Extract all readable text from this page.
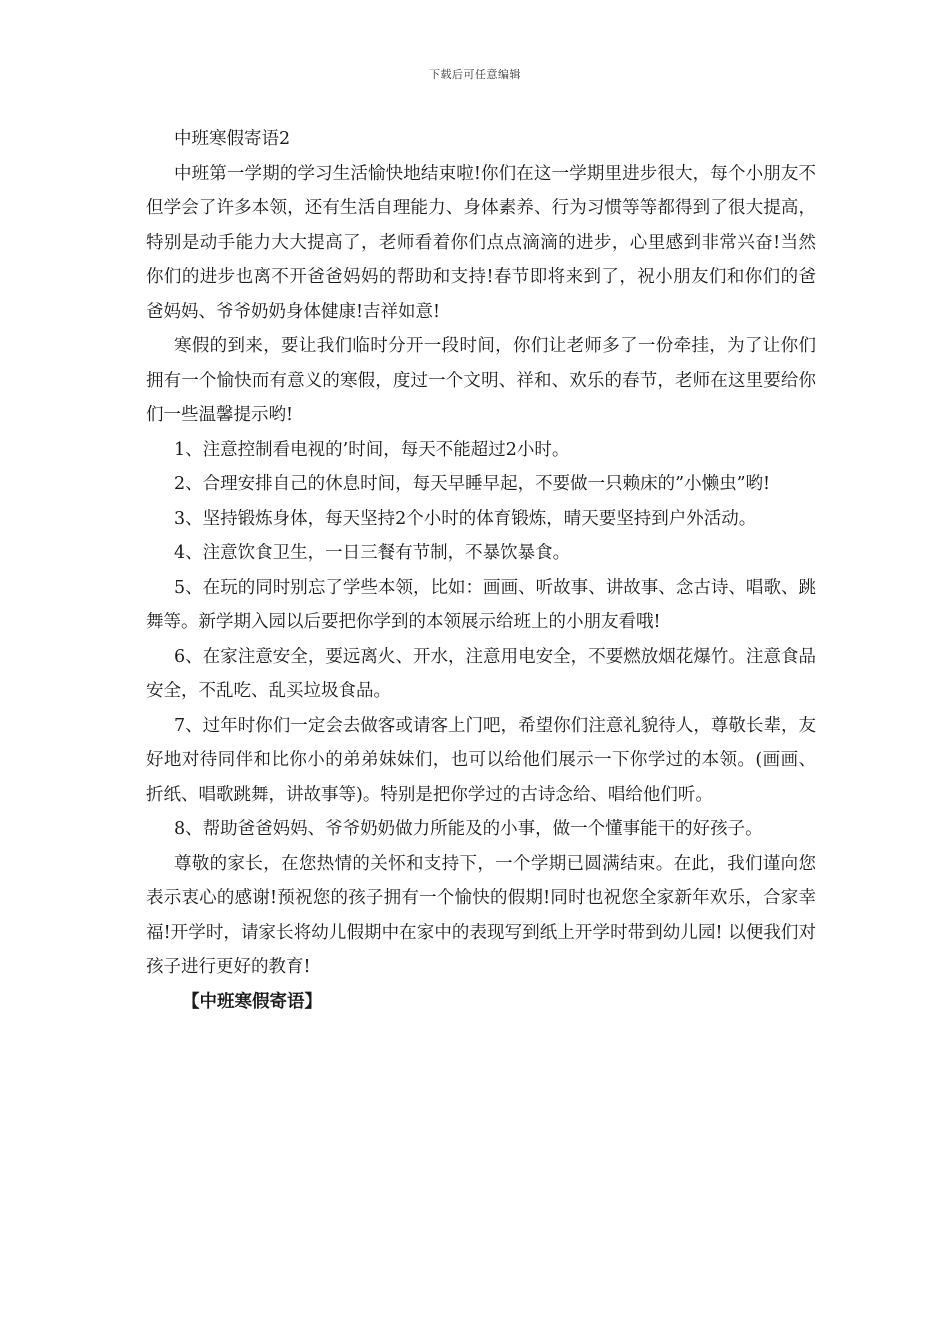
下载后可任意编辑
中班寒假寄语2

中班第一学期的学习生活愉快地结束啦!你们在这一学期里进步很大，每个小朋友不但学会了许多本领，还有生活自理能力、身体素养、行为习惯等等都得到了很大提高，特别是动手能力大大提高了，老师看着你们点点滴滴的进步，心里感到非常兴奋!当然你们的进步也离不开爸爸妈妈的帮助和支持!春节即将来到了，祝小朋友们和你们的爸爸妈妈、爷爷奶奶身体健康!吉祥如意!

寒假的到来，要让我们临时分开一段时间，你们让老师多了一份牵挂，为了让你们拥有一个愉快而有意义的寒假，度过一个文明、祥和、欢乐的春节，老师在这里要给你们一些温馨提示哟!

1、注意控制看电视的’时间，每天不能超过2小时。

2、合理安排自己的休息时间，每天早睡早起，不要做一只赖床的”小懒虫”哟!

3、坚持锻炼身体，每天坚持2个小时的体育锻炼，晴天要坚持到户外活动。

4、注意饮食卫生，一日三餐有节制，不暴饮暴食。

5、在玩的同时别忘了学些本领，比如：画画、听故事、讲故事、念古诗、唱歌、跳舞等。新学期入园以后要把你学到的本领展示给班上的小朋友看哦!

6、在家注意安全，要远离火、开水，注意用电安全，不要燃放烟花爆竹。注意食品安全，不乱吃、乱买垃圾食品。

7、过年时你们一定会去做客或请客上门吧，希望你们注意礼貌待人，尊敬长辈，友好地对待同伴和比你小的弟弟妹妹们，也可以给他们展示一下你学过的本领。(画画、折纸、唱歌跳舞，讲故事等)。特别是把你学过的古诗念给、唱给他们听。

8、帮助爸爸妈妈、爷爷奶奶做力所能及的小事，做一个懂事能干的好孩子。

尊敬的家长，在您热情的关怀和支持下，一个学期已圆满结束。在此，我们谨向您表示衷心的感谢!预祝您的孩子拥有一个愉快的假期!同时也祝您全家新年欢乐，合家幸福!开学时，请家长将幼儿假期中在家中的表现写到纸上开学时带到幼儿园! 以便我们对孩子进行更好的教育!

【中班寒假寄语】
